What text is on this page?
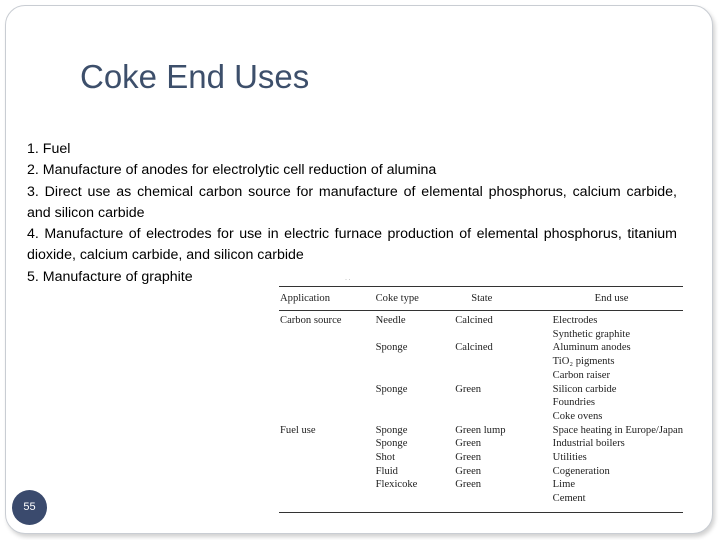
Coke End Uses

1. Fuel

2. Manufacture of anodes for electrolytic cell reduction of alumina

3. Direct use as chemical carbon source for manufacture of elemental phosphorus, calcium carbide, and silicon carbide

4. Manufacture of electrodes for use in electric furnace production of elemental phosphorus, titanium dioxide, calcium carbide, and silicon carbide

5. Manufacture of graphite

Application	Coke type	State	End use
Carbon source	Needle	Calcined	Electrodes
			Synthetic graphite
	Sponge	Calcined	Aluminum anodes
			TiO₂ pigments
			Carbon raiser
	Sponge	Green	Silicon carbide
			Foundries
			Coke ovens
Fuel use	Sponge	Green lump	Space heating in Europe/Japan
	Sponge	Green	Industrial boilers
	Shot	Green	Utilities
	Fluid	Green	Cogeneration
	Flexicoke	Green	Lime
			Cement
· ·
55
